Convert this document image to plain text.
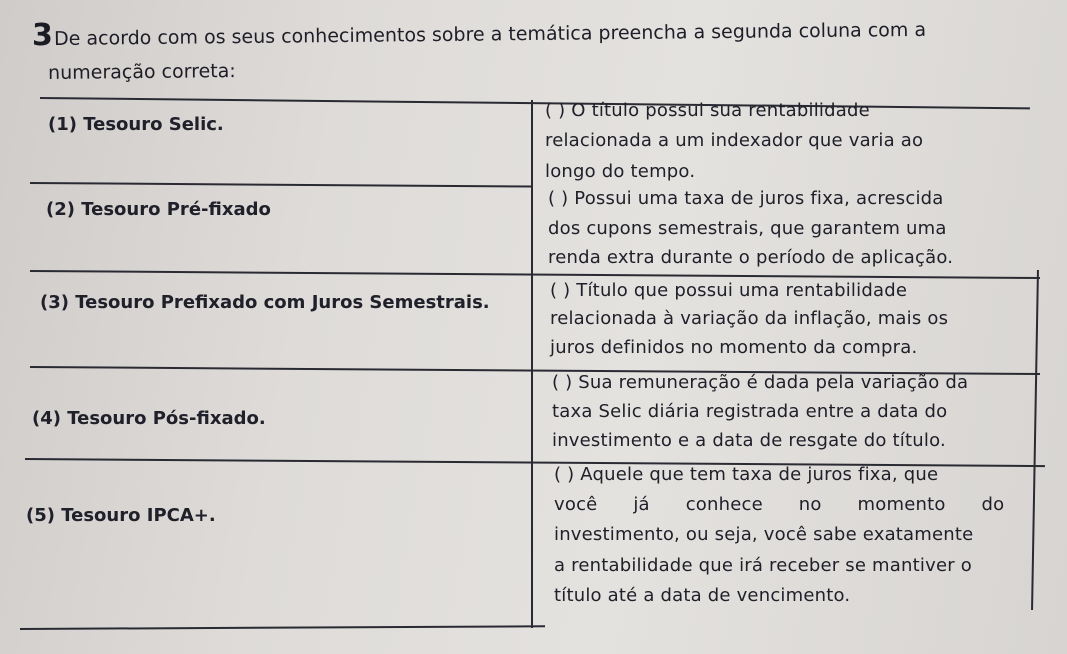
3 De acordo com os seus conhecimentos sobre a temática preencha a segunda coluna com a
numeração correta:
(1) Tesouro Selic.
(2) Tesouro Pré-fixado
(3) Tesouro Prefixado com Juros Semestrais.
(4) Tesouro Pós-fixado.
(5) Tesouro IPCA+.
( ) O título possui sua rentabilidade
relacionada a um indexador que varia ao
longo do tempo.
( ) Possui uma taxa de juros fixa, acrescida
dos cupons semestrais, que garantem uma
renda extra durante o período de aplicação.
( ) Título que possui uma rentabilidade
relacionada à variação da inflação, mais os
juros definidos no momento da compra.
( ) Sua remuneração é dada pela variação da
taxa Selic diária registrada entre a data do
investimento e a data de resgate do título.
( ) Aquele que tem taxa de juros fixa, que
você já conhece no momento do
investimento, ou seja, você sabe exatamente
a rentabilidade que irá receber se mantiver o
título até a data de vencimento.
